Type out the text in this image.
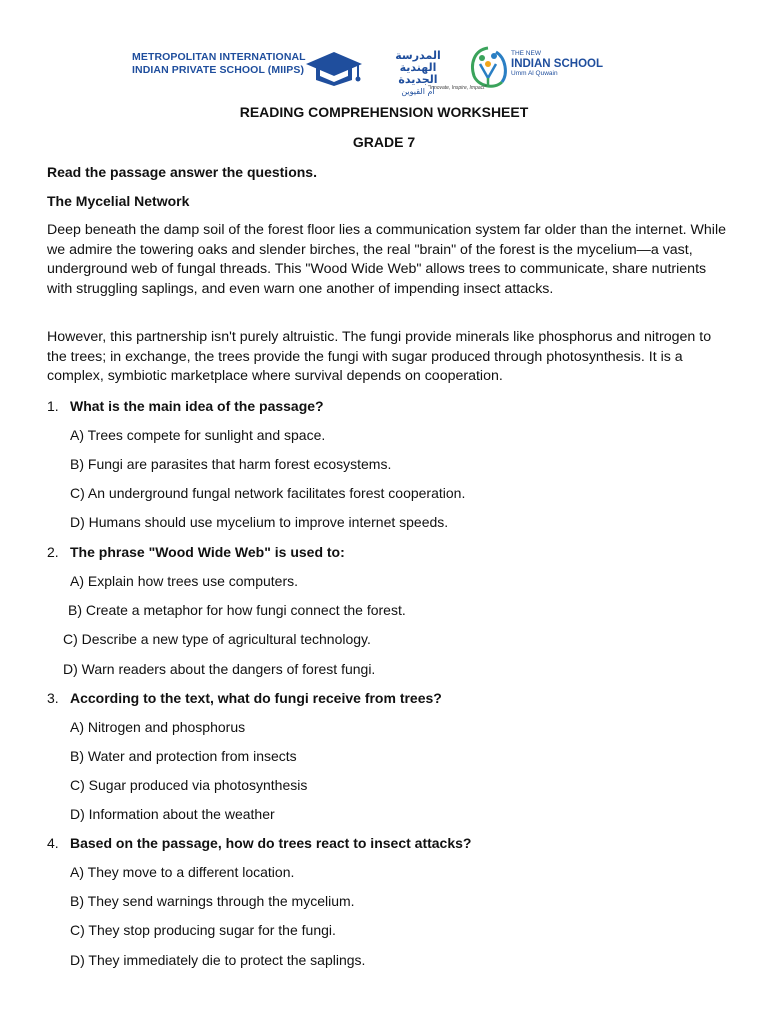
METROPOLITAN INTERNATIONAL
INDIAN PRIVATE SCHOOL (MIIPS)
المدرسة الهندية
الجديدة
أم القيوين
THE NEW
INDIAN SCHOOL
Umm Al Quwain
"Innovate, Inspire, Impact"
READING COMPREHENSION WORKSHEET
GRADE 7
Read the passage answer the questions.
The Mycelial Network

Deep beneath the damp soil of the forest floor lies a communication system far older than the internet. While we admire the towering oaks and slender birches, the real "brain" of the forest is the mycelium—a vast, underground web of fungal threads. This "Wood Wide Web" allows trees to communicate, share nutrients with struggling saplings, and even warn one another of impending insect attacks.

However, this partnership isn't purely altruistic. The fungi provide minerals like phosphorus and nitrogen to the trees; in exchange, the trees provide the fungi with sugar produced through photosynthesis. It is a complex, symbiotic marketplace where survival depends on cooperation.

1. What is the main idea of the passage?
A) Trees compete for sunlight and space.
B) Fungi are parasites that harm forest ecosystems.
C) An underground fungal network facilitates forest cooperation.
D) Humans should use mycelium to improve internet speeds.
2. The phrase "Wood Wide Web" is used to:
A) Explain how trees use computers.
B) Create a metaphor for how fungi connect the forest.
C) Describe a new type of agricultural technology.
D) Warn readers about the dangers of forest fungi.
3. According to the text, what do fungi receive from trees?
A) Nitrogen and phosphorus
B) Water and protection from insects
C) Sugar produced via photosynthesis
D) Information about the weather
4. Based on the passage, how do trees react to insect attacks?
A) They move to a different location.
B) They send warnings through the mycelium.
C) They stop producing sugar for the fungi.
D) They immediately die to protect the saplings.
